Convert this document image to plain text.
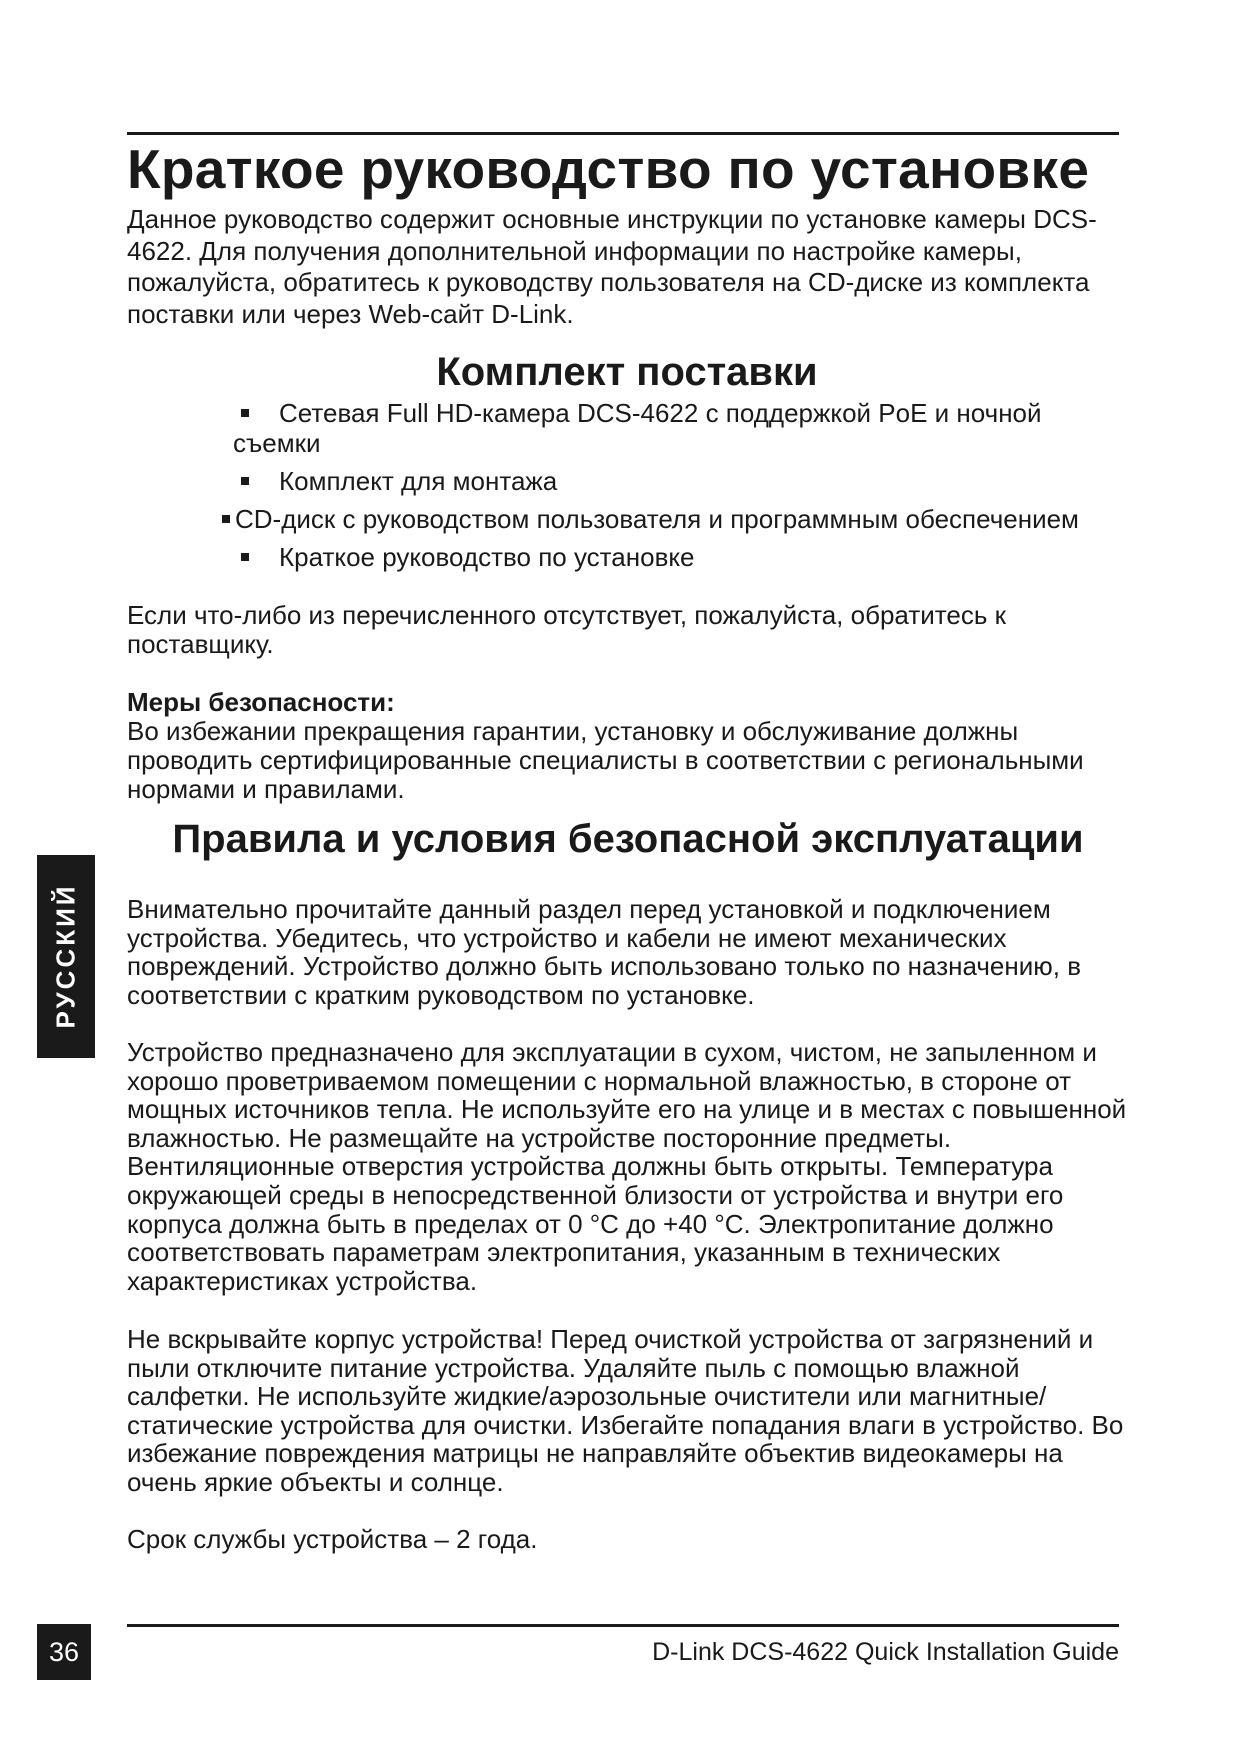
Краткое руководство по установке

Данное руководство содержит основные инструкции по установке камеры DCS-4622. Для получения дополнительной информации по настройке камеры, пожалуйста, обратитесь к руководству пользователя на CD-диске из комплекта поставки или через Web-сайт D-Link.

Комплект поставки
Сетевая Full HD-камера DCS-4622 с поддержкой PoE и ночной
съемки
Комплект для монтажа
CD-диск с руководством пользователя и программным обеспечением
Краткое руководство по установке

Если что-либо из перечисленного отсутствует, пожалуйста, обратитесь к поставщику.

Меры безопасности:

Во избежании прекращения гарантии, установку и обслуживание должны проводить сертифицированные специалисты в соответствии с региональными нормами и правилами.

Правила и условия безопасной эксплуатации

Внимательно прочитайте данный раздел перед установкой и подключением устройства. Убедитесь, что устройство и кабели не имеют механических повреждений. Устройство должно быть использовано только по назначению, в соответствии с кратким руководством по установке.

Устройство предназначено для эксплуатации в сухом, чистом, не запыленном и хорошо проветриваемом помещении с нормальной влажностью, в стороне от мощных источников тепла. Не используйте его на улице и в местах с повышенной влажностью. Не размещайте на устройстве посторонние предметы. Вентиляционные отверстия устройства должны быть открыты. Температура окружающей среды в непосредственной близости от устройства и внутри его корпуса должна быть в пределах от 0 °C до +40 °C. Электропитание должно соответствовать параметрам электропитания, указанным в технических характеристиках устройства.

Не вскрывайте корпус устройства! Перед очисткой устройства от загрязнений и пыли отключите питание устройства. Удаляйте пыль с помощью влажной салфетки. Не используйте жидкие/аэрозольные очистители или магнитные/статические устройства для очистки. Избегайте попадания влаги в устройство. Во избежание повреждения матрицы не направляйте объектив видеокамеры на очень яркие объекты и солнце.

Срок службы устройства – 2 года.

РУССКИЙ
36	D-Link DCS-4622 Quick Installation Guide
